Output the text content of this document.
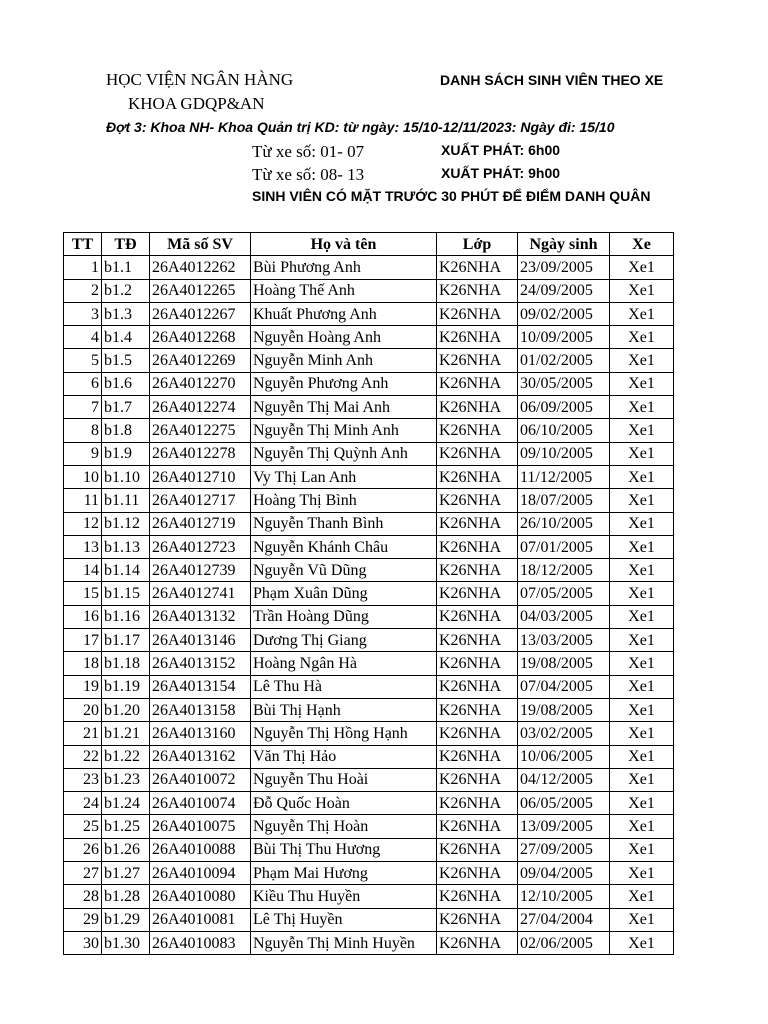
HỌC VIỆN NGÂN HÀNG
KHOA GDQP&AN
DANH SÁCH SINH VIÊN THEO XE
Đợt 3: Khoa NH- Khoa Quản trị KD: từ ngày: 15/10-12/11/2023: Ngày đi: 15/10
Từ xe số: 01- 07	XUẤT PHÁT: 6h00
Từ xe số: 08- 13	XUẤT PHÁT: 9h00
SINH VIÊN CÓ MẶT TRƯỚC 30 PHÚT ĐỂ ĐIỂM DANH QUÂN
TT	TĐ	Mã số SV	Họ và tên	Lớp	Ngày sinh	Xe
1	b1.1	26A4012262	Bùi Phương Anh	K26NHA	23/09/2005	Xe1
2	b1.2	26A4012265	Hoàng Thế Anh	K26NHA	24/09/2005	Xe1
3	b1.3	26A4012267	Khuất Phương Anh	K26NHA	09/02/2005	Xe1
4	b1.4	26A4012268	Nguyễn Hoàng Anh	K26NHA	10/09/2005	Xe1
5	b1.5	26A4012269	Nguyễn Minh Anh	K26NHA	01/02/2005	Xe1
6	b1.6	26A4012270	Nguyễn Phương Anh	K26NHA	30/05/2005	Xe1
7	b1.7	26A4012274	Nguyễn Thị Mai Anh	K26NHA	06/09/2005	Xe1
8	b1.8	26A4012275	Nguyễn Thị Minh Anh	K26NHA	06/10/2005	Xe1
9	b1.9	26A4012278	Nguyễn Thị Quỳnh Anh	K26NHA	09/10/2005	Xe1
10	b1.10	26A4012710	Vy Thị Lan Anh	K26NHA	11/12/2005	Xe1
11	b1.11	26A4012717	Hoàng Thị Bình	K26NHA	18/07/2005	Xe1
12	b1.12	26A4012719	Nguyễn Thanh Bình	K26NHA	26/10/2005	Xe1
13	b1.13	26A4012723	Nguyễn Khánh Châu	K26NHA	07/01/2005	Xe1
14	b1.14	26A4012739	Nguyễn Vũ Dũng	K26NHA	18/12/2005	Xe1
15	b1.15	26A4012741	Phạm Xuân Dũng	K26NHA	07/05/2005	Xe1
16	b1.16	26A4013132	Trần Hoàng Dũng	K26NHA	04/03/2005	Xe1
17	b1.17	26A4013146	Dương Thị Giang	K26NHA	13/03/2005	Xe1
18	b1.18	26A4013152	Hoàng Ngân Hà	K26NHA	19/08/2005	Xe1
19	b1.19	26A4013154	Lê Thu Hà	K26NHA	07/04/2005	Xe1
20	b1.20	26A4013158	Bùi Thị Hạnh	K26NHA	19/08/2005	Xe1
21	b1.21	26A4013160	Nguyễn Thị Hồng Hạnh	K26NHA	03/02/2005	Xe1
22	b1.22	26A4013162	Văn Thị Hảo	K26NHA	10/06/2005	Xe1
23	b1.23	26A4010072	Nguyễn Thu Hoài	K26NHA	04/12/2005	Xe1
24	b1.24	26A4010074	Đỗ Quốc Hoàn	K26NHA	06/05/2005	Xe1
25	b1.25	26A4010075	Nguyễn Thị Hoàn	K26NHA	13/09/2005	Xe1
26	b1.26	26A4010088	Bùi Thị Thu Hương	K26NHA	27/09/2005	Xe1
27	b1.27	26A4010094	Phạm Mai Hương	K26NHA	09/04/2005	Xe1
28	b1.28	26A4010080	Kiều Thu Huyền	K26NHA	12/10/2005	Xe1
29	b1.29	26A4010081	Lê Thị Huyền	K26NHA	27/04/2004	Xe1
30	b1.30	26A4010083	Nguyễn Thị Minh Huyền	K26NHA	02/06/2005	Xe1
